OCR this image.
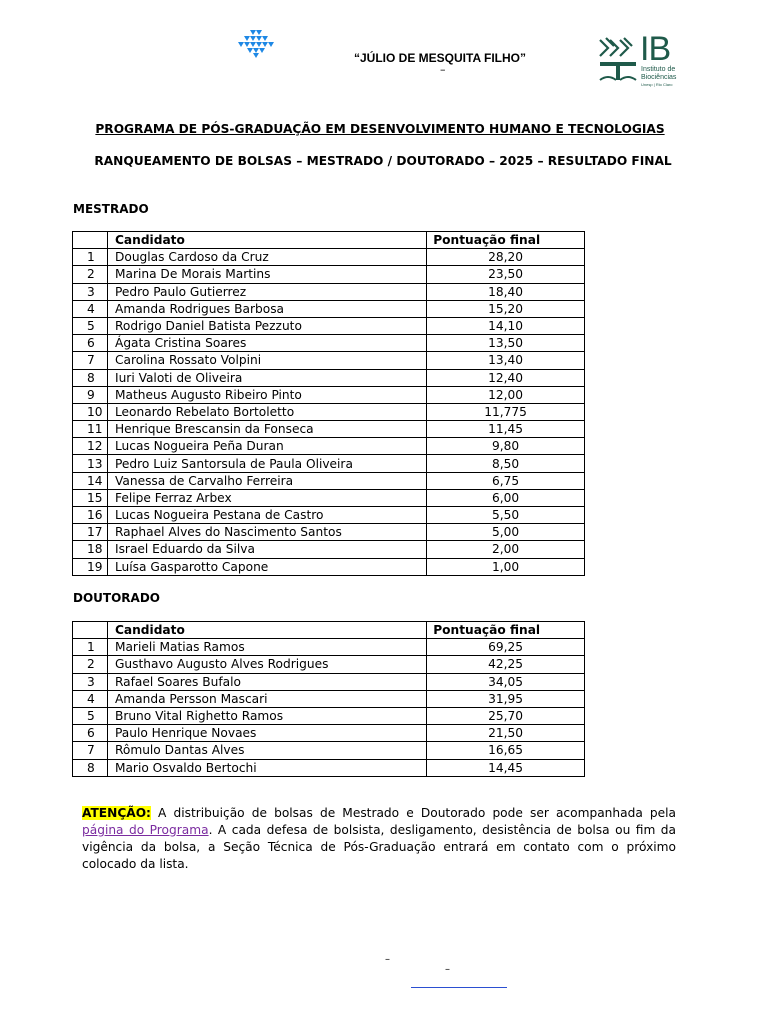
“JÚLIO DE MESQUITA FILHO”
–
IB
Instituto de
Biociências
Unesp | Rio Claro
PROGRAMA DE PÓS-GRADUAÇÃO EM DESENVOLVIMENTO HUMANO E TECNOLOGIAS
RANQUEAMENTO DE BOLSAS – MESTRADO / DOUTORADO – 2025 – RESULTADO FINAL
MESTRADO
	Candidato	Pontuação final
1	Douglas Cardoso da Cruz	28,20
2	Marina De Morais Martins	23,50
3	Pedro Paulo Gutierrez	18,40
4	Amanda Rodrigues Barbosa	15,20
5	Rodrigo Daniel Batista Pezzuto	14,10
6	Ágata Cristina Soares	13,50
7	Carolina Rossato Volpini	13,40
8	Iuri Valoti de Oliveira	12,40
9	Matheus Augusto Ribeiro Pinto	12,00
10	Leonardo Rebelato Bortoletto	11,775
11	Henrique Brescansin da Fonseca	11,45
12	Lucas Nogueira Peña Duran	9,80
13	Pedro Luiz Santorsula de Paula Oliveira	8,50
14	Vanessa de Carvalho Ferreira	6,75
15	Felipe Ferraz Arbex	6,00
16	Lucas Nogueira Pestana de Castro	5,50
17	Raphael Alves do Nascimento Santos	5,00
18	Israel Eduardo da Silva	2,00
19	Luísa Gasparotto Capone	1,00
DOUTORADO
	Candidato	Pontuação final
1	Marieli Matias Ramos	69,25
2	Gusthavo Augusto Alves Rodrigues	42,25
3	Rafael Soares Bufalo	34,05
4	Amanda Persson Mascari	31,95
5	Bruno Vital Righetto Ramos	25,70
6	Paulo Henrique Novaes	21,50
7	Rômulo Dantas Alves	16,65
8	Mario Osvaldo Bertochi	14,45
ATENÇÃO: A distribuição de bolsas de Mestrado e Doutorado pode ser acompanhada pela página do Programa. A cada defesa de bolsista, desligamento, desistência de bolsa ou fim da vigência da bolsa, a Seção Técnica de Pós-Graduação entrará em contato com o próximo colocado da lista.
–
–
